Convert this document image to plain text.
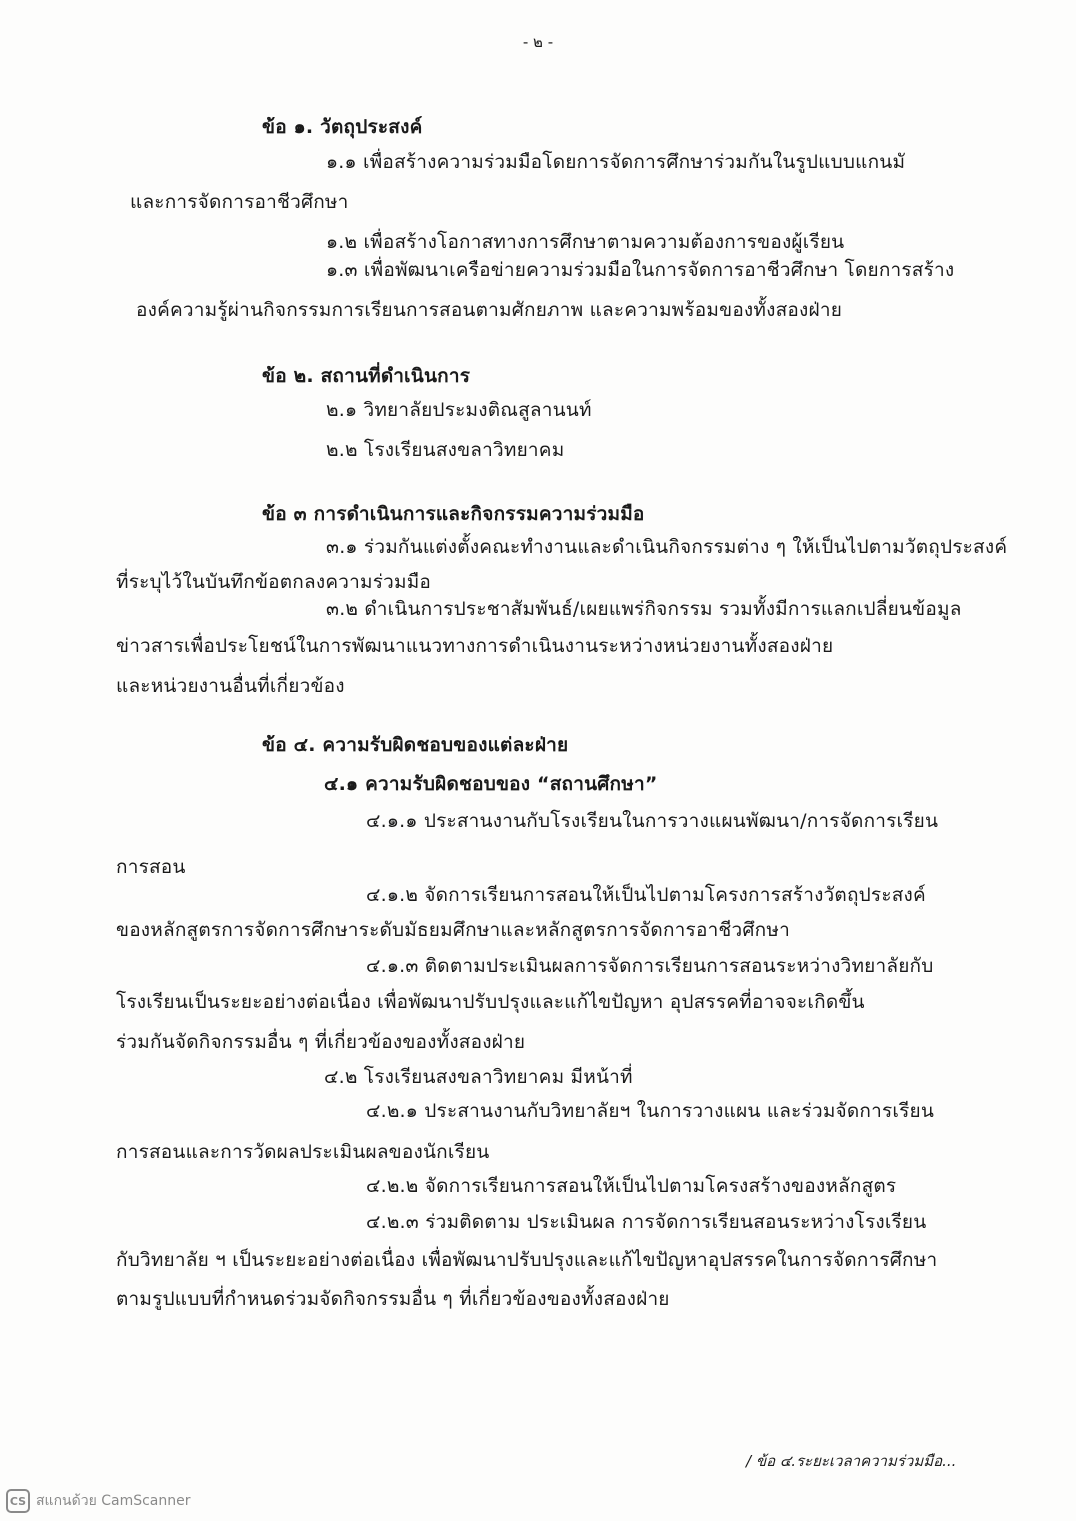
- ๒ -
ข้อ ๑. วัตถุประสงค์
๑.๑ เพื่อสร้างความร่วมมือโดยการจัดการศึกษาร่วมกันในรูปแบบแกนมั
และการจัดการอาชีวศึกษา
๑.๒ เพื่อสร้างโอกาสทางการศึกษาตามความต้องการของผู้เรียน
๑.๓ เพื่อพัฒนาเครือข่ายความร่วมมือในการจัดการอาชีวศึกษา โดยการสร้าง
องค์ความรู้ผ่านกิจกรรมการเรียนการสอนตามศักยภาพ และความพร้อมของทั้งสองฝ่าย
ข้อ ๒. สถานที่ดำเนินการ
๒.๑ วิทยาลัยประมงติณสูลานนท์
๒.๒ โรงเรียนสงขลาวิทยาคม
ข้อ ๓ การดำเนินการและกิจกรรมความร่วมมือ
๓.๑ ร่วมกันแต่งตั้งคณะทำงานและดำเนินกิจกรรมต่าง ๆ ให้เป็นไปตามวัตถุประสงค์
ที่ระบุไว้ในบันทึกข้อตกลงความร่วมมือ
๓.๒ ดำเนินการประชาสัมพันธ์/เผยแพร่กิจกรรม รวมทั้งมีการแลกเปลี่ยนข้อมูล
ข่าวสารเพื่อประโยชน์ในการพัฒนาแนวทางการดำเนินงานระหว่างหน่วยงานทั้งสองฝ่าย
และหน่วยงานอื่นที่เกี่ยวข้อง
ข้อ ๔. ความรับผิดชอบของแต่ละฝ่าย
๔.๑ ความรับผิดชอบของ “สถานศึกษา”
๔.๑.๑ ประสานงานกับโรงเรียนในการวางแผนพัฒนา/การจัดการเรียน
การสอน
๔.๑.๒ จัดการเรียนการสอนให้เป็นไปตามโครงการสร้างวัตถุประสงค์
ของหลักสูตรการจัดการศึกษาระดับมัธยมศึกษาและหลักสูตรการจัดการอาชีวศึกษา
๔.๑.๓ ติดตามประเมินผลการจัดการเรียนการสอนระหว่างวิทยาลัยกับ
โรงเรียนเป็นระยะอย่างต่อเนื่อง เพื่อพัฒนาปรับปรุงและแก้ไขปัญหา อุปสรรคที่อาจจะเกิดขึ้น
ร่วมกันจัดกิจกรรมอื่น ๆ ที่เกี่ยวข้องของทั้งสองฝ่าย
๔.๒ โรงเรียนสงขลาวิทยาคม มีหน้าที่
๔.๒.๑ ประสานงานกับวิทยาลัยฯ ในการวางแผน และร่วมจัดการเรียน
การสอนและการวัดผลประเมินผลของนักเรียน
๔.๒.๒ จัดการเรียนการสอนให้เป็นไปตามโครงสร้างของหลักสูตร
๔.๒.๓ ร่วมติดตาม ประเมินผล การจัดการเรียนสอนระหว่างโรงเรียน
กับวิทยาลัย ฯ เป็นระยะอย่างต่อเนื่อง เพื่อพัฒนาปรับปรุงและแก้ไขปัญหาอุปสรรคในการจัดการศึกษา
ตามรูปแบบที่กำหนดร่วมจัดกิจกรรมอื่น ๆ ที่เกี่ยวข้องของทั้งสองฝ่าย
/ ข้อ ๔.ระยะเวลาความร่วมมือ...
CS สแกนด้วย CamScanner
